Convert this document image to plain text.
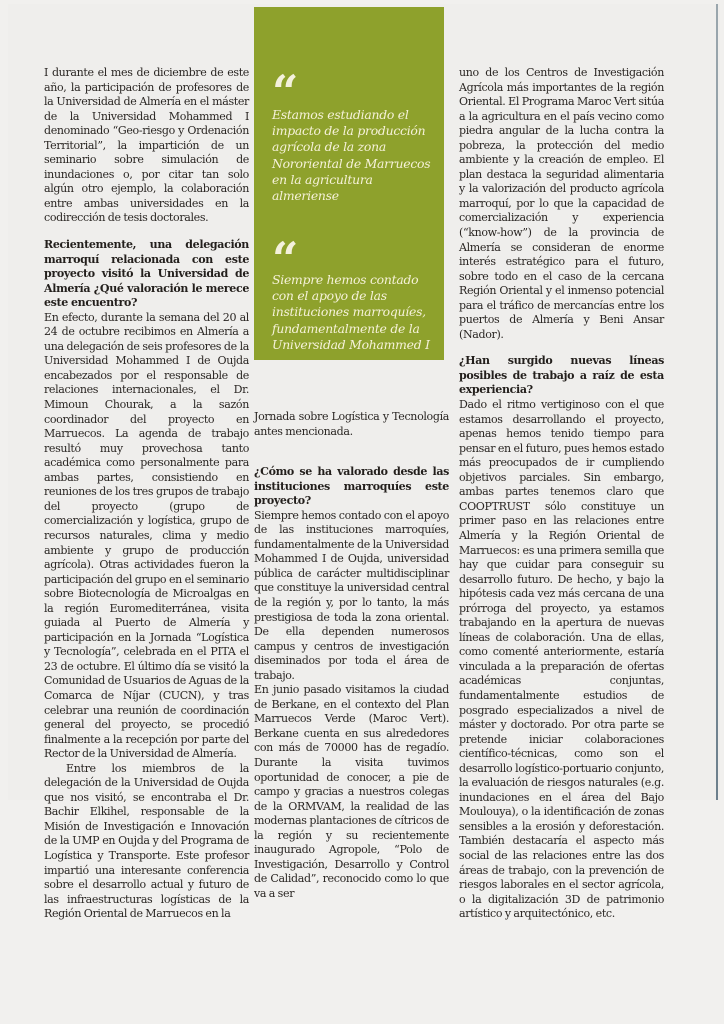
“
Estamos estudiando el impacto de la producción agrícola de la zona Nororiental de Marruecos en la agricultura almeriense
“
Siempre hemos contado con el apoyo de las instituciones marroquíes, fundamentalmente de la Universidad Mohammed I

I durante el mes de diciembre de este año, la participación de profesores de la Universidad de Almería en el máster de la Universidad Mohammed I denominado “Geo-riesgo y Ordenación Territorial”, la impartición de un seminario sobre simulación de inundaciones o, por citar tan solo algún otro ejemplo, la colaboración entre ambas universidades en la codirección de tesis doctorales.

Recientemente, una delegación marroquí relacionada con este proyecto visitó la Universidad de Almería ¿Qué valoración le merece este encuentro?

En efecto, durante la semana del 20 al 24 de octubre recibimos en Almería a una delegación de seis profesores de la Universidad Mohammed I de Oujda encabezados por el responsable de relaciones internacionales, el Dr. Mimoun Chourak, a la sazón coordinador del proyecto en Marruecos. La agenda de trabajo resultó muy provechosa tanto académica como personalmente para ambas partes, consistiendo en reuniones de los tres grupos de trabajo del proyecto (grupo de comercialización y logística, grupo de recursos naturales, clima y medio ambiente y grupo de producción agrícola). Otras actividades fueron la participación del grupo en el seminario sobre Biotecnología de Microalgas en la región Euromediterránea, visita guiada al Puerto de Almería y participación en la Jornada “Logística y Tecnología”, celebrada en el PITA el 23 de octubre. El último día se visitó la Comunidad de Usuarios de Aguas de la Comarca de Níjar (CUCN), y tras celebrar una reunión de coordinación general del proyecto, se procedió finalmente a la recepción por parte del Rector de la Universidad de Almería.

Entre los miembros de la delegación de la Universidad de Oujda que nos visitó, se encontraba el Dr. Bachir Elkihel, responsable de la Misión de Investigación e Innovación de la UMP en Oujda y del Programa de Logística y Transporte. Este profesor impartió una interesante conferencia sobre el desarrollo actual y futuro de las infraestructuras logísticas de la Región Oriental de Marruecos en la

Jornada sobre Logística y Tecnología antes mencionada.

¿Cómo se ha valorado desde las instituciones marroquíes este proyecto?

Siempre hemos contado con el apoyo de las instituciones marroquíes, fundamentalmente de la Universidad Mohammed I de Oujda, universidad pública de carácter multidisciplinar que constituye la universidad central de la región y, por lo tanto, la más prestigiosa de toda la zona oriental. De ella dependen numerosos campus y centros de investigación diseminados por toda el área de trabajo.

En junio pasado visitamos la ciudad de Berkane, en el contexto del Plan Marruecos Verde (Maroc Vert). Berkane cuenta en sus alrededores con más de 70000 has de regadío. Durante la visita tuvimos oportunidad de conocer, a pie de campo y gracias a nuestros colegas de la ORMVAM, la realidad de las modernas plantaciones de cítricos de la región y su recientemente inaugurado Agropole, “Polo de Investigación, Desarrollo y Control de Calidad”, reconocido como lo que va a ser

uno de los Centros de Investigación Agrícola más importantes de la región Oriental. El Programa Maroc Vert sitúa a la agricultura en el país vecino como piedra angular de la lucha contra la pobreza, la protección del medio ambiente y la creación de empleo. El plan destaca la seguridad alimentaria y la valorización del producto agrícola marroquí, por lo que la capacidad de comercialización y experiencia (“know-how”) de la provincia de Almería se consideran de enorme interés estratégico para el futuro, sobre todo en el caso de la cercana Región Oriental y el inmenso potencial para el tráfico de mercancías entre los puertos de Almería y Beni Ansar (Nador).

¿Han surgido nuevas líneas posibles de trabajo a raíz de esta experiencia?

Dado el ritmo vertiginoso con el que estamos desarrollando el proyecto, apenas hemos tenido tiempo para pensar en el futuro, pues hemos estado más preocupados de ir cumpliendo objetivos parciales. Sin embargo, ambas partes tenemos claro que COOPTRUST sólo constituye un primer paso en las relaciones entre Almería y la Región Oriental de Marruecos: es una primera semilla que hay que cuidar para conseguir su desarrollo futuro. De hecho, y bajo la hipótesis cada vez más cercana de una prórroga del proyecto, ya estamos trabajando en la apertura de nuevas líneas de colaboración. Una de ellas, como comenté anteriormente, estaría vinculada a la preparación de ofertas académicas conjuntas, fundamentalmente estudios de posgrado especializados a nivel de máster y doctorado. Por otra parte se pretende iniciar colaboraciones científico-técnicas, como son el desarrollo logístico-portuario conjunto, la evaluación de riesgos naturales (e.g. inundaciones en el área del Bajo Moulouya), o la identificación de zonas sensibles a la erosión y deforestación. También destacaría el aspecto más social de las relaciones entre las dos áreas de trabajo, con la prevención de riesgos laborales en el sector agrícola, o la digitalización 3D de patrimonio artístico y arquitectónico, etc.
